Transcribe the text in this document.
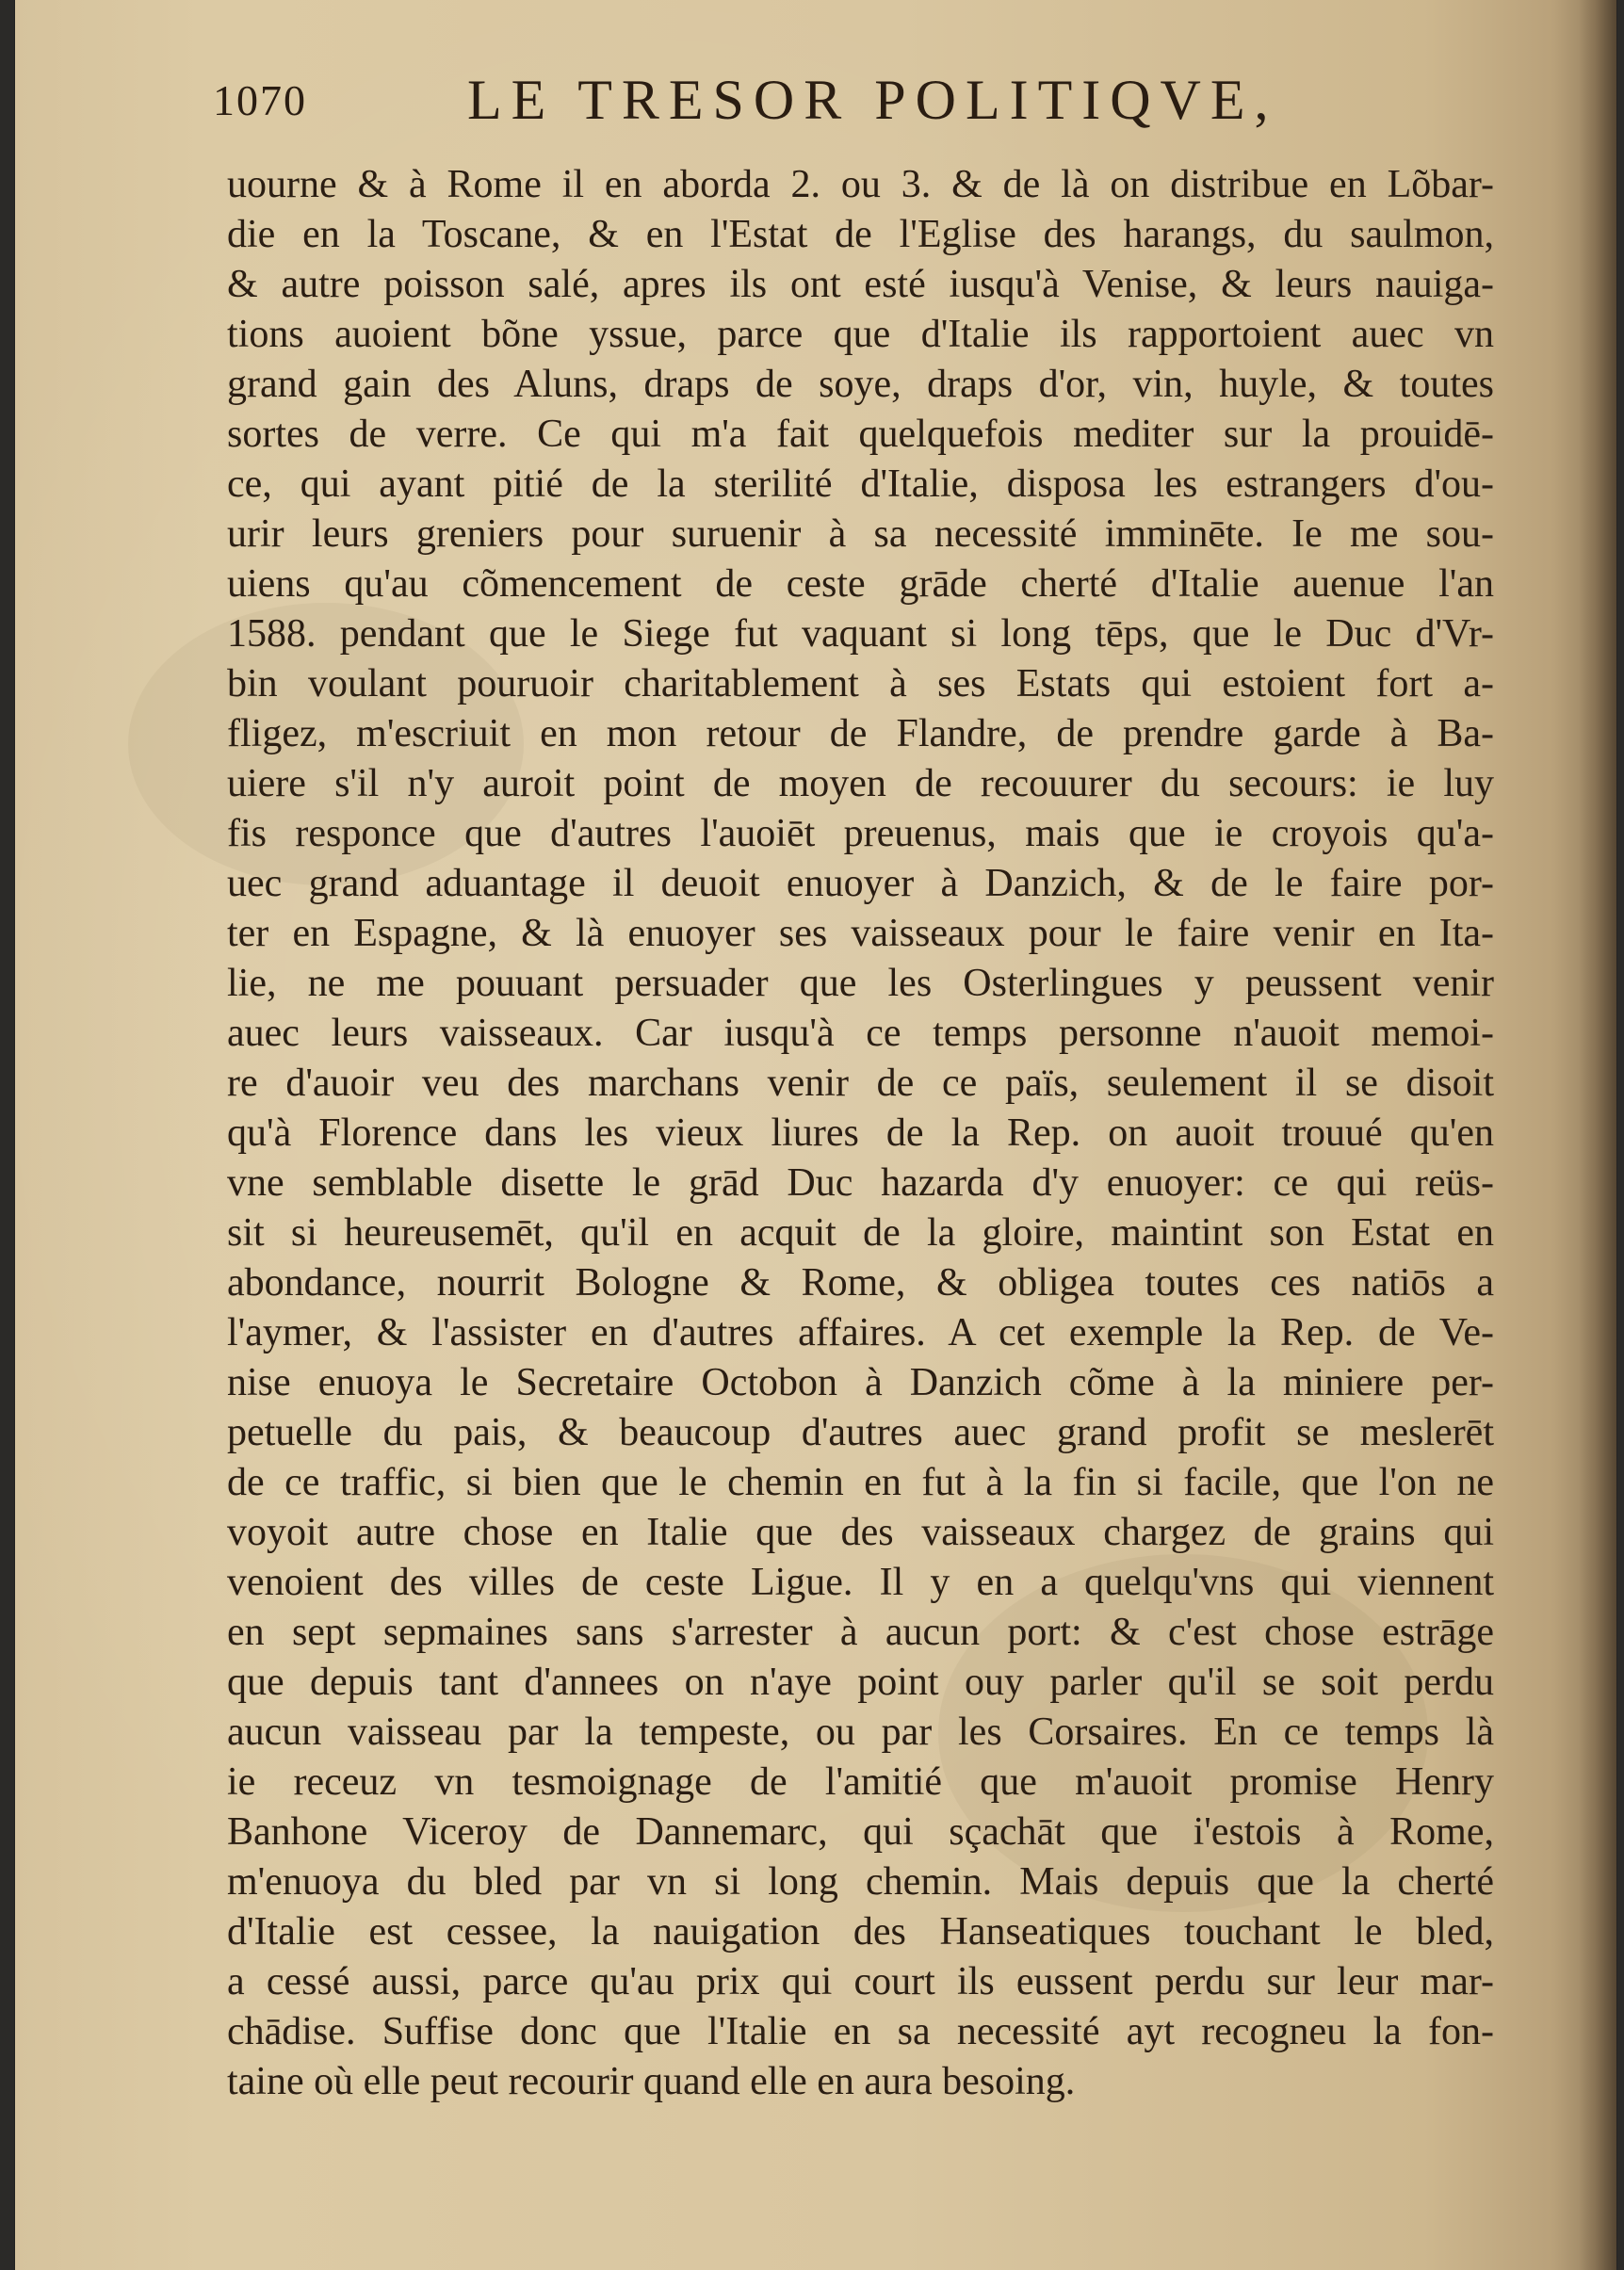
1070	LE TRESOR POLITIQVE,
uourne & à Rome il en aborda 2. ou 3. & de là on distribue en Lõbar-
die en la Toscane, & en l'Estat de l'Eglise des harangs, du saulmon,
& autre poisson salé, apres ils ont esté iusqu'à Venise, & leurs nauiga-
tions auoient bõne yssue, parce que d'Italie ils rapportoient auec vn
grand gain des Aluns, draps de soye, draps d'or, vin, huyle, & toutes
sortes de verre. Ce qui m'a fait quelquefois mediter sur la prouidē-
ce, qui ayant pitié de la sterilité d'Italie, disposa les estrangers d'ou-
urir leurs greniers pour suruenir à sa necessité imminēte. Ie me sou-
uiens qu'au cõmencement de ceste grāde cherté d'Italie auenue l'an
1588. pendant que le Siege fut vaquant si long tēps, que le Duc d'Vr-
bin voulant pouruoir charitablement à ses Estats qui estoient fort a-
fligez, m'escriuit en mon retour de Flandre, de prendre garde à Ba-
uiere s'il n'y auroit point de moyen de recouurer du secours: ie luy
fis responce que d'autres l'auoiēt preuenus, mais que ie croyois qu'a-
uec grand aduantage il deuoit enuoyer à Danzich, & de le faire por-
ter en Espagne, & là enuoyer ses vaisseaux pour le faire venir en Ita-
lie, ne me pouuant persuader que les Osterlingues y peussent venir
auec leurs vaisseaux. Car iusqu'à ce temps personne n'auoit memoi-
re d'auoir veu des marchans venir de ce païs, seulement il se disoit
qu'à Florence dans les vieux liures de la Rep. on auoit trouué qu'en
vne semblable disette le grād Duc hazarda d'y enuoyer: ce qui reüs-
sit si heureusemēt, qu'il en acquit de la gloire, maintint son Estat en
abondance, nourrit Bologne & Rome, & obligea toutes ces natiōs a
l'aymer, & l'assister en d'autres affaires. A cet exemple la Rep. de Ve-
nise enuoya le Secretaire Octobon à Danzich cõme à la miniere per-
petuelle du pais, & beaucoup d'autres auec grand profit se meslerēt
de ce traffic, si bien que le chemin en fut à la fin si facile, que l'on ne
voyoit autre chose en Italie que des vaisseaux chargez de grains qui
venoient des villes de ceste Ligue. Il y en a quelqu'vns qui viennent
en sept sepmaines sans s'arrester à aucun port: & c'est chose estrāge
que depuis tant d'annees on n'aye point ouy parler qu'il se soit perdu
aucun vaisseau par la tempeste, ou par les Corsaires. En ce temps là
ie receuz vn tesmoignage de l'amitié que m'auoit promise Henry
Banhone Viceroy de Dannemarc, qui sçachāt que i'estois à Rome,
m'enuoya du bled par vn si long chemin. Mais depuis que la cherté
d'Italie est cessee, la nauigation des Hanseatiques touchant le bled,
a cessé aussi, parce qu'au prix qui court ils eussent perdu sur leur mar-
chādise. Suffise donc que l'Italie en sa necessité ayt recogneu la fon-
taine où elle peut recourir quand elle en aura besoing.
